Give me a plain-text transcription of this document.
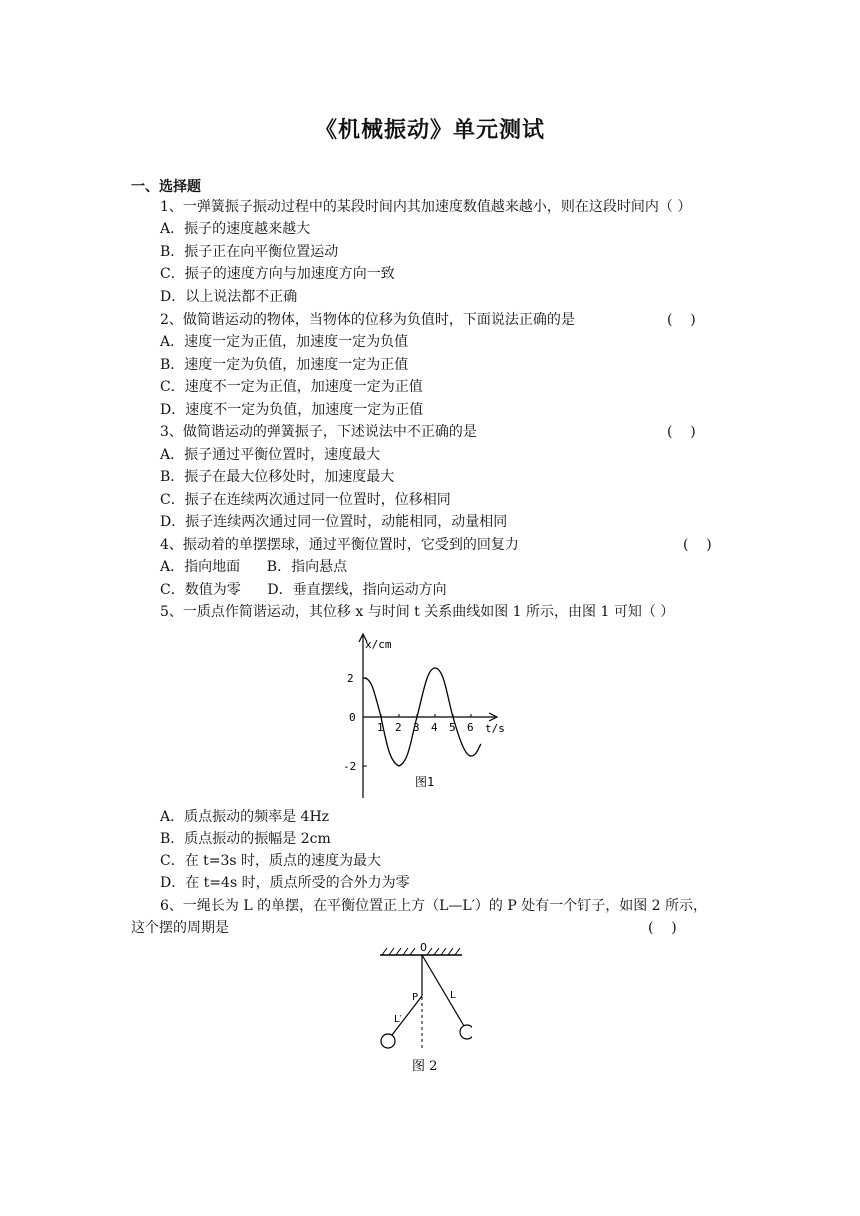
《机械振动》单元测试
一、选择题
1、一弹簧振子振动过程中的某段时间内其加速度数值越来越小，则在这段时间内（ ）
A．振子的速度越来越大
B．振子正在向平衡位置运动
C．振子的速度方向与加速度方向一致
D．以上说法都不正确
2、做简谐运动的物体，当物体的位移为负值时，下面说法正确的是	(    )
A．速度一定为正值，加速度一定为负值
B．速度一定为负值，加速度一定为正值
C．速度不一定为正值，加速度一定为正值
D．速度不一定为负值，加速度一定为正值
3、做简谐运动的弹簧振子，下述说法中不正确的是	(    )
A．振子通过平衡位置时，速度最大
B．振子在最大位移处时，加速度最大
C．振子在连续两次通过同一位置时，位移相同
D．振子连续两次通过同一位置时，动能相同，动量相同
4、振动着的单摆摆球，通过平衡位置时，它受到的回复力	(    )
A．指向地面      B．指向悬点
C．数值为零      D．垂直摆线，指向运动方向
5、一质点作简谐运动，其位移 x 与时间 t 关系曲线如图 1 所示，由图 1 可知（ ）
x/cm
2
0
-2
1 2 3 4 5 6 t/s
图1
A．质点振动的频率是 4Hz
B．质点振动的振幅是 2cm
C．在 t=3s 时，质点的速度为最大
D．在 t=4s 时，质点所受的合外力为零
6、一绳长为 L 的单摆，在平衡位置正上方（L—L′）的 P 处有一个钉子，如图 2 所示，
这个摆的周期是	(    )
0
P	L
L′
图 2
